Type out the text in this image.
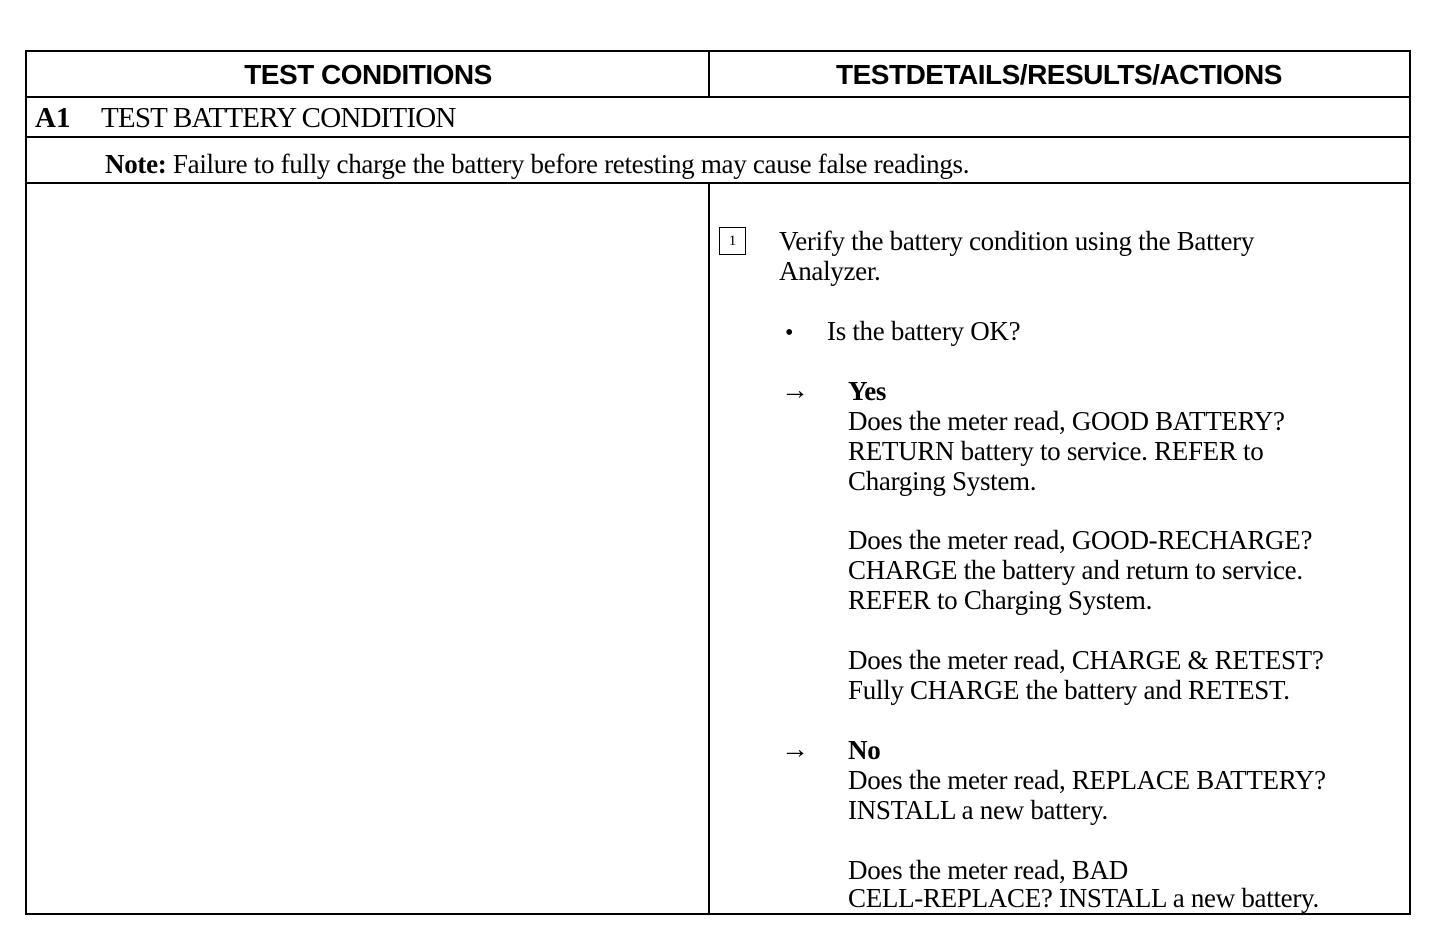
TEST CONDITIONS	TESTDETAILS/RESULTS/ACTIONS
A1 TEST BATTERY CONDITION
Note: Failure to fully charge the battery before retesting may cause false readings.
1	Verify the battery condition using the Battery
Analyzer.
• Is the battery OK?
→ Yes
Does the meter read, GOOD BATTERY?
RETURN battery to service. REFER to
Charging System.
Does the meter read, GOOD-RECHARGE?
CHARGE the battery and return to service.
REFER to Charging System.
Does the meter read, CHARGE & RETEST?
Fully CHARGE the battery and RETEST.
→ No
Does the meter read, REPLACE BATTERY?
INSTALL a new battery.
Does the meter read, BAD
CELL-REPLACE? INSTALL a new battery.
